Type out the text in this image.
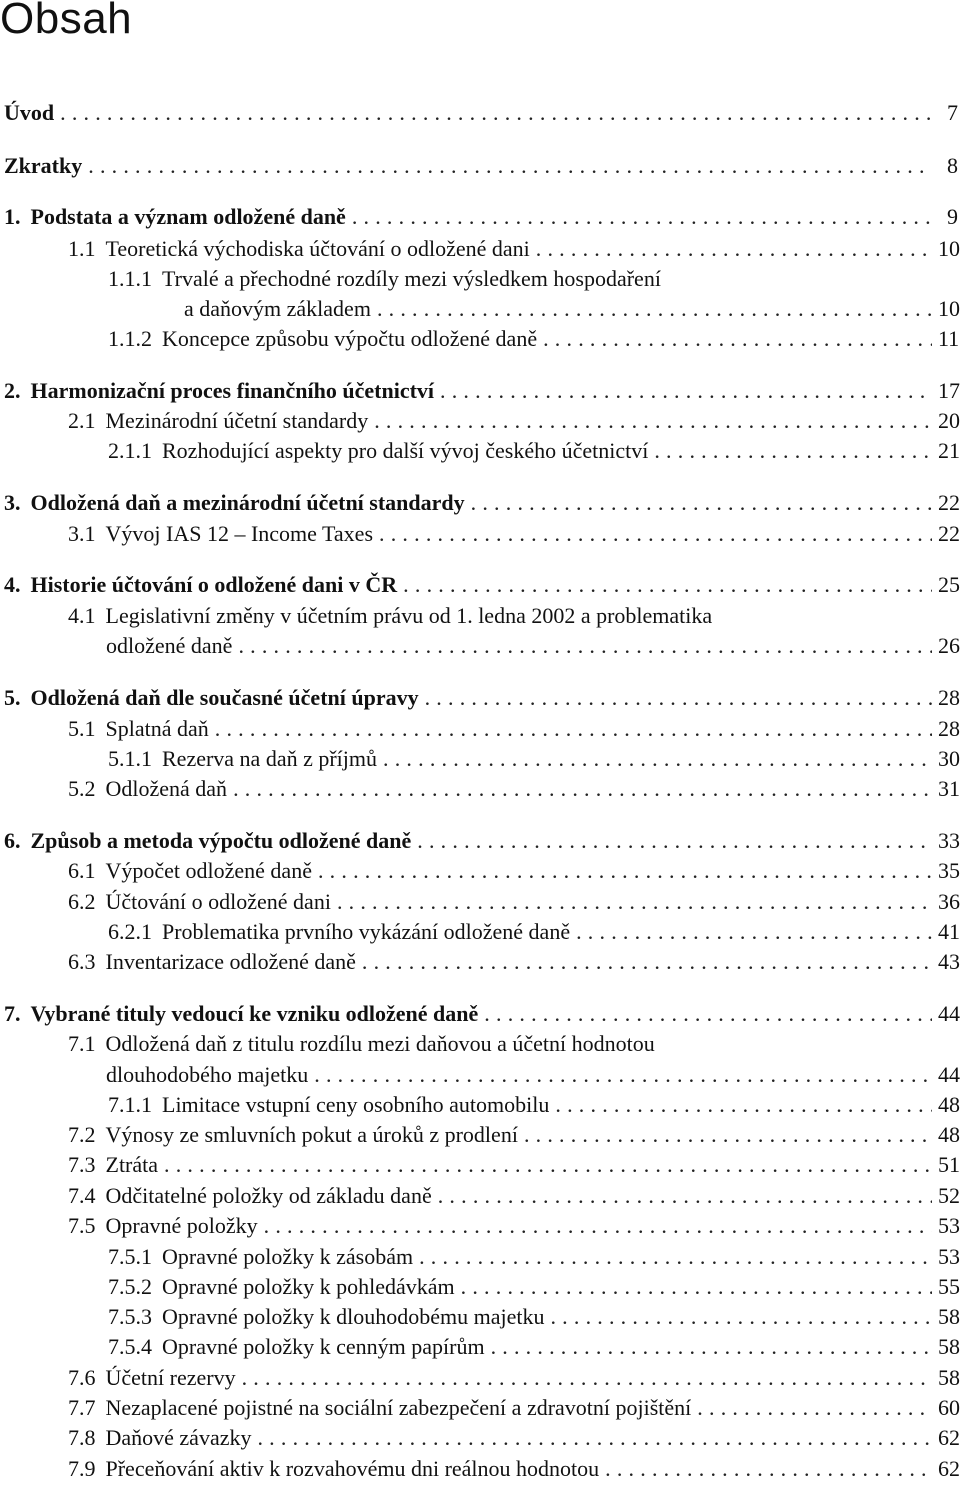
Obsah
Úvod .....	7
Zkratky .....	8
1. Podstata a význam odložené daně .....	9
1.1 Teoretická východiska účtování o odložené dani .....	10
1.1.1 Trvalé a přechodné rozdíly mezi výsledkem hospodaření
a daňovým základem .....	10
1.1.2 Koncepce způsobu výpočtu odložené daně .....	11
2. Harmonizační proces finančního účetnictví .....	17
2.1 Mezinárodní účetní standardy .....	20
2.1.1 Rozhodující aspekty pro další vývoj českého účetnictví .....	21
3. Odložená daň a mezinárodní účetní standardy .....	22
3.1 Vývoj IAS 12 – Income Taxes .....	22
4. Historie účtování o odložené dani v ČR .....	25
4.1 Legislativní změny v účetním právu od 1. ledna 2002 a problematika
odložené daně .....	26
5. Odložená daň dle současné účetní úpravy .....	28
5.1 Splatná daň .....	28
5.1.1 Rezerva na daň z příjmů .....	30
5.2 Odložená daň .....	31
6. Způsob a metoda výpočtu odložené daně .....	33
6.1 Výpočet odložené daně .....	35
6.2 Účtování o odložené dani .....	36
6.2.1 Problematika prvního vykázání odložené daně .....	41
6.3 Inventarizace odložené daně .....	43
7. Vybrané tituly vedoucí ke vzniku odložené daně .....	44
7.1 Odložená daň z titulu rozdílu mezi daňovou a účetní hodnotou
dlouhodobého majetku .....	44
7.1.1 Limitace vstupní ceny osobního automobilu .....	48
7.2 Výnosy ze smluvních pokut a úroků z prodlení .....	48
7.3 Ztráta .....	51
7.4 Odčitatelné položky od základu daně .....	52
7.5 Opravné položky .....	53
7.5.1 Opravné položky k zásobám .....	53
7.5.2 Opravné položky k pohledávkám .....	55
7.5.3 Opravné položky k dlouhodobému majetku .....	58
7.5.4 Opravné položky k cenným papírům .....	58
7.6 Účetní rezervy .....	58
7.7 Nezaplacené pojistné na sociální zabezpečení a zdravotní pojištění .....	60
7.8 Daňové závazky .....	62
7.9 Přeceňování aktiv k rozvahovému dni reálnou hodnotou .....	62
